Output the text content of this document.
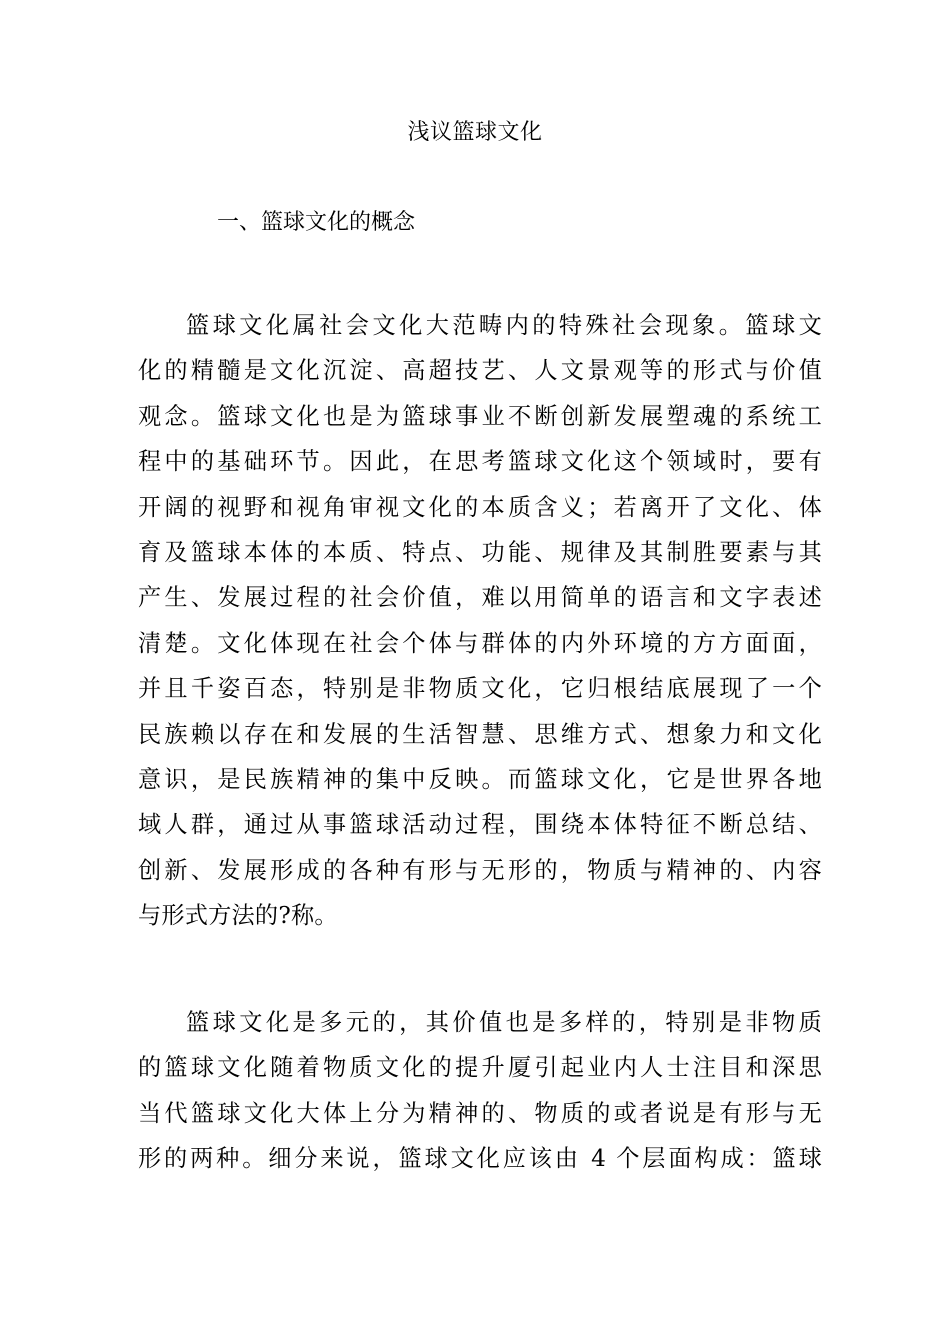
浅议篮球文化
一、篮球文化的概念
篮球文化属社会文化大范畴内的特殊社会现象。篮球文
化的精髓是文化沉淀、高超技艺、人文景观等的形式与价值
观念。篮球文化也是为篮球事业不断创新发展塑魂的系统工
程中的基础环节。因此，在思考篮球文化这个领域时，要有
开阔的视野和视角审视文化的本质含义；若离开了文化、体
育及篮球本体的本质、特点、功能、规律及其制胜要素与其
产生、发展过程的社会价值，难以用简单的语言和文字表述
清楚。文化体现在社会个体与群体的内外环境的方方面面，
并且千姿百态，特别是非物质文化，它归根结底展现了一个
民族赖以存在和发展的生活智慧、思维方式、想象力和文化
意识，是民族精神的集中反映。而篮球文化，它是世界各地
域人群，通过从事篮球活动过程，围绕本体特征不断总结、
创新、发展形成的各种有形与无形的，物质与精神的、内容
与形式方法的?称。
篮球文化是多元的，其价值也是多样的，特别是非物质
的篮球文化随着物质文化的提升厦引起业内人士注目和深思
当代篮球文化大体上分为精神的、物质的或者说是有形与无
形的两种。细分来说，篮球文化应该由 4 个层面构成：篮球
